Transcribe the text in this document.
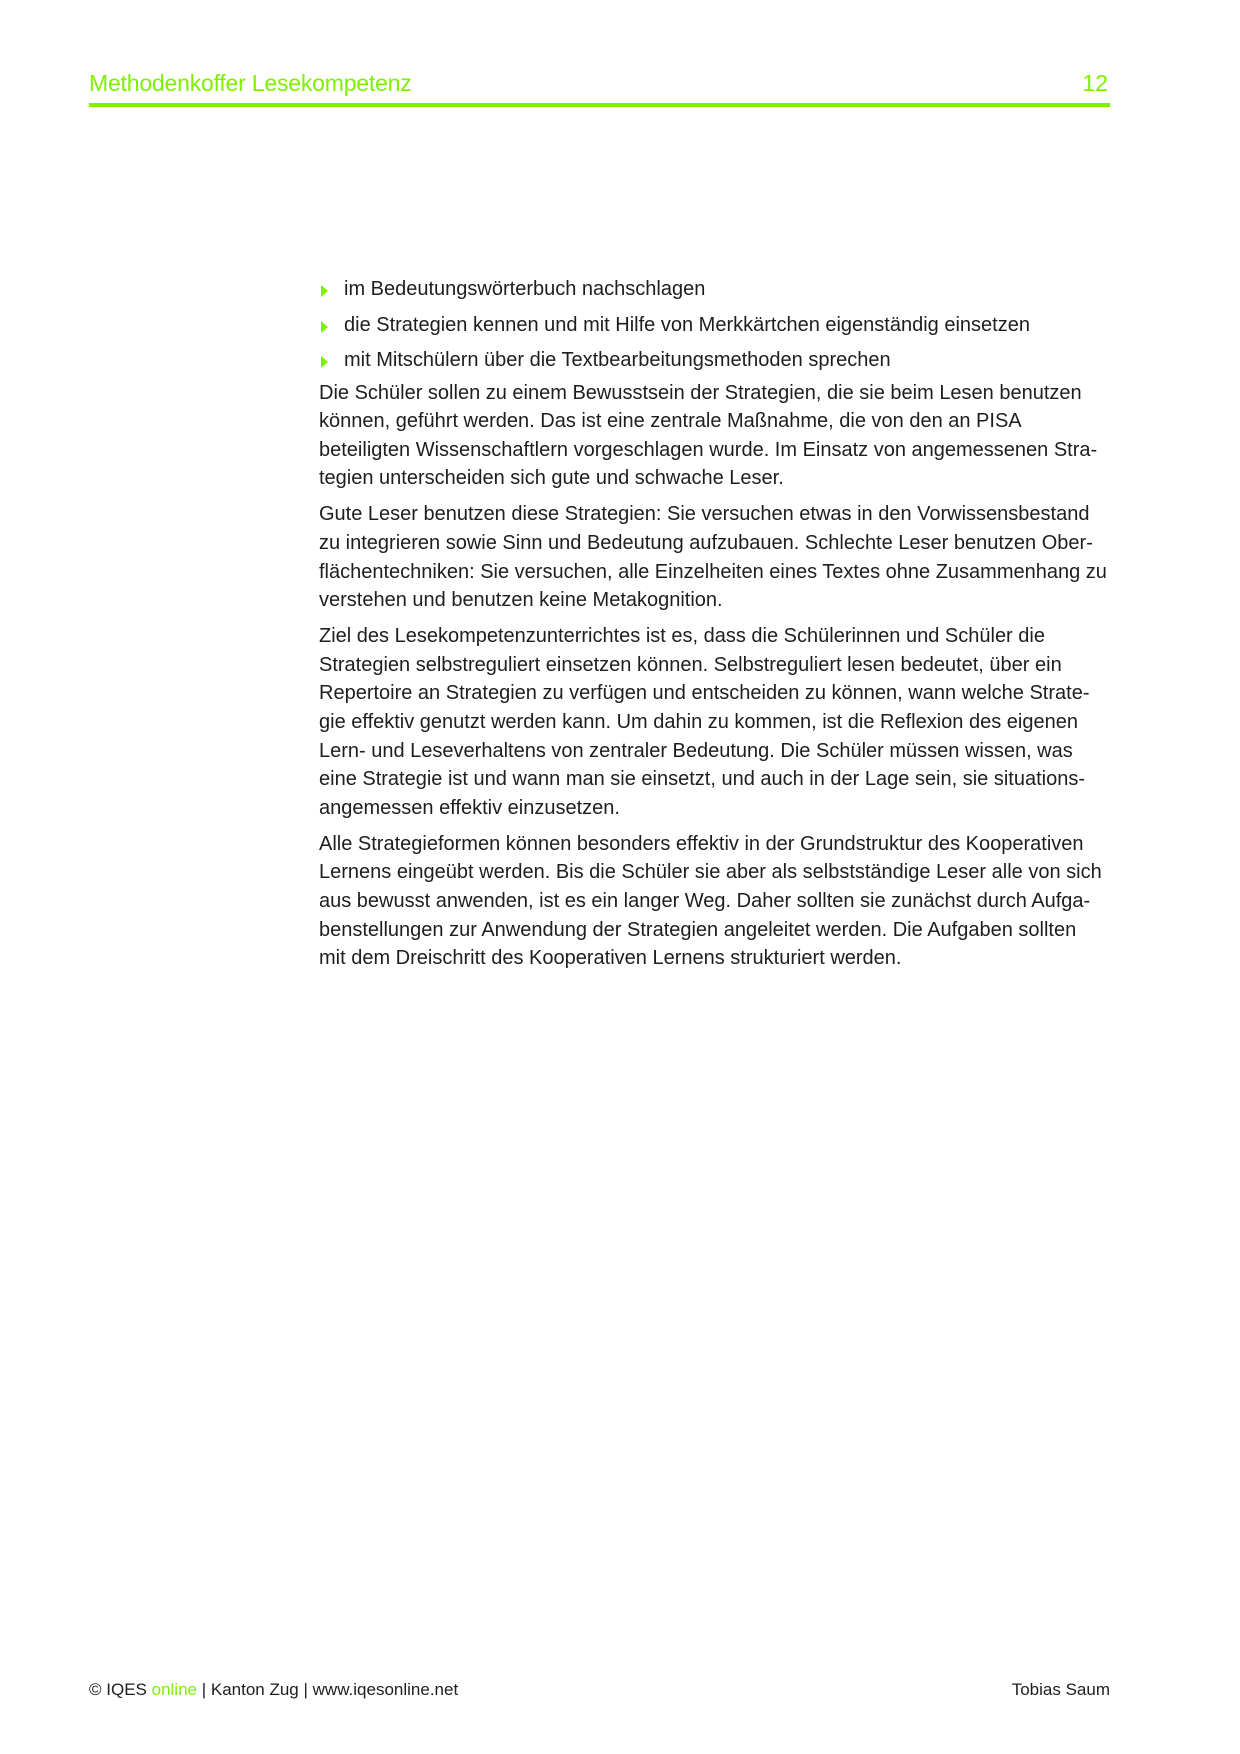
Methodenkoffer Lesekompetenz	12
im Bedeutungswörterbuch nachschlagen
die Strategien kennen und mit Hilfe von Merkkärtchen eigenständig einsetzen
mit Mitschülern über die Textbearbeitungsmethoden sprechen

Die Schüler sollen zu einem Bewusstsein der Strategien, die sie beim Lesen benutzen
können, geführt werden. Das ist eine zentrale Maßnahme, die von den an PISA
beteiligten Wissenschaftlern vorgeschlagen wurde. Im Einsatz von angemessenen Stra-
tegien unterscheiden sich gute und schwache Leser.

Gute Leser benutzen diese Strategien: Sie versuchen etwas in den Vorwissensbestand
zu integrieren sowie Sinn und Bedeutung aufzubauen. Schlechte Leser benutzen Ober-
flächentechniken: Sie versuchen, alle Einzelheiten eines Textes ohne Zusammenhang zu
verstehen und benutzen keine Metakognition.

Ziel des Lesekompetenzunterrichtes ist es, dass die Schülerinnen und Schüler die
Strategien selbstreguliert einsetzen können. Selbstreguliert lesen bedeutet, über ein
Repertoire an Strategien zu verfügen und entscheiden zu können, wann welche Strate-
gie effektiv genutzt werden kann. Um dahin zu kommen, ist die Reflexion des eigenen
Lern- und Leseverhaltens von zentraler Bedeutung. Die Schüler müssen wissen, was
eine Strategie ist und wann man sie einsetzt, und auch in der Lage sein, sie situations-
angemessen effektiv einzusetzen.

Alle Strategieformen können besonders effektiv in der Grundstruktur des Kooperativen
Lernens eingeübt werden. Bis die Schüler sie aber als selbstständige Leser alle von sich
aus bewusst anwenden, ist es ein langer Weg. Daher sollten sie zunächst durch Aufga-
benstellungen zur Anwendung der Strategien angeleitet werden. Die Aufgaben sollten
mit dem Dreischritt des Kooperativen Lernens strukturiert werden.

© IQES online | Kanton Zug | www.iqesonline.net	Tobias Saum
